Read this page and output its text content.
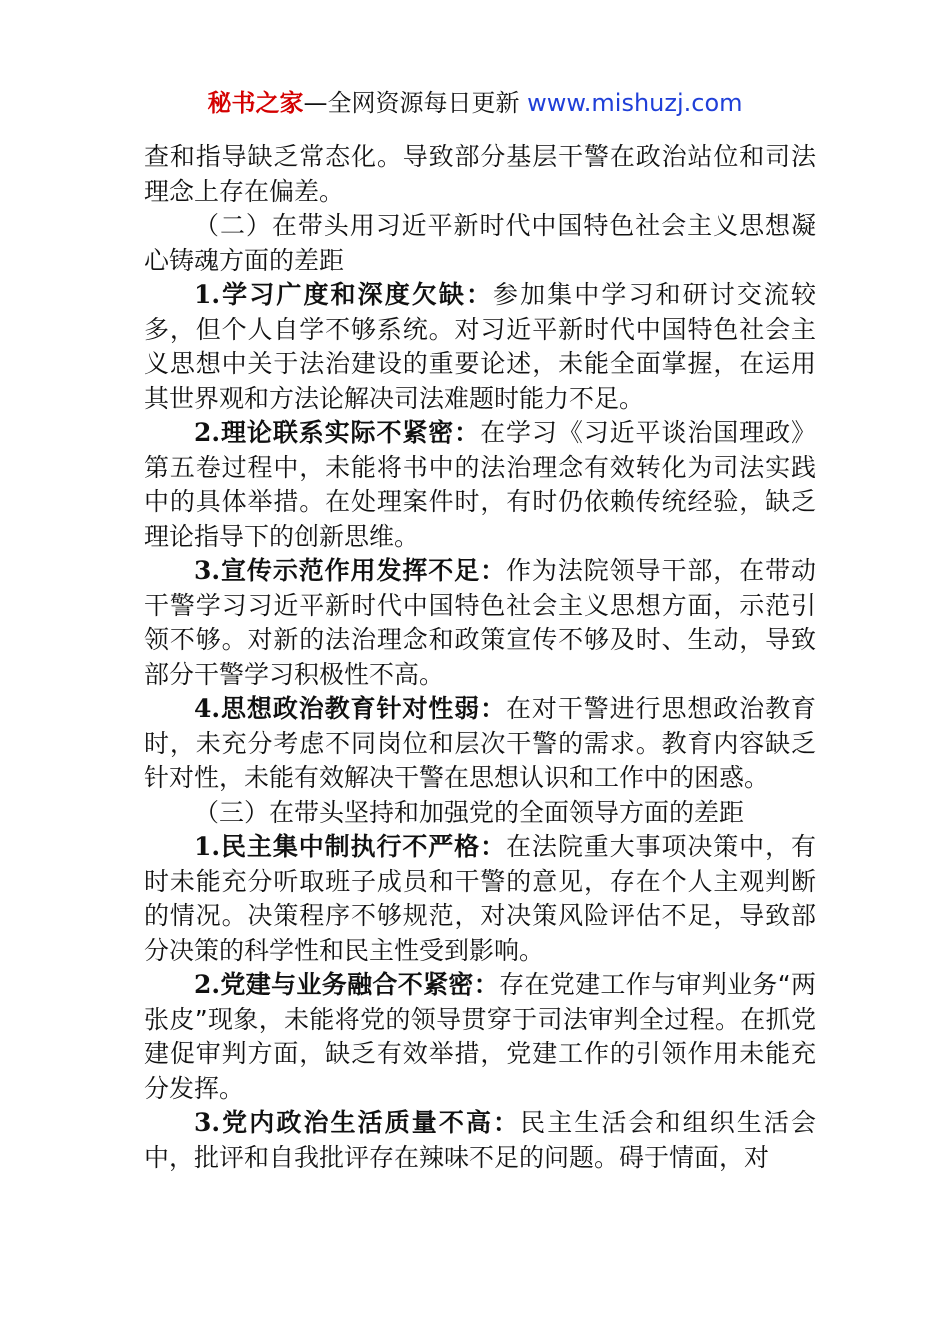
秘书之家—全网资源每日更新 www.mishuzj.com

查和指导缺乏常态化。导致部分基层干警在政治站位和司法理念上存在偏差。

（二）在带头用习近平新时代中国特色社会主义思想凝心铸魂方面的差距

1.学习广度和深度欠缺：参加集中学习和研讨交流较多，但个人自学不够系统。对习近平新时代中国特色社会主义思想中关于法治建设的重要论述，未能全面掌握，在运用其世界观和方法论解决司法难题时能力不足。

2.理论联系实际不紧密：在学习《习近平谈治国理政》第五卷过程中，未能将书中的法治理念有效转化为司法实践中的具体举措。在处理案件时，有时仍依赖传统经验，缺乏理论指导下的创新思维。

3.宣传示范作用发挥不足：作为法院领导干部，在带动干警学习习近平新时代中国特色社会主义思想方面，示范引领不够。对新的法治理念和政策宣传不够及时、生动，导致部分干警学习积极性不高。

4.思想政治教育针对性弱：在对干警进行思想政治教育时，未充分考虑不同岗位和层次干警的需求。教育内容缺乏针对性，未能有效解决干警在思想认识和工作中的困惑。

（三）在带头坚持和加强党的全面领导方面的差距

1.民主集中制执行不严格：在法院重大事项决策中，有时未能充分听取班子成员和干警的意见，存在个人主观判断的情况。决策程序不够规范，对决策风险评估不足，导致部分决策的科学性和民主性受到影响。

2.党建与业务融合不紧密：存在党建工作与审判业务“两张皮”现象，未能将党的领导贯穿于司法审判全过程。在抓党建促审判方面，缺乏有效举措，党建工作的引领作用未能充分发挥。

3.党内政治生活质量不高：民主生活会和组织生活会中，批评和自我批评存在辣味不足的问题。碍于情面，对
